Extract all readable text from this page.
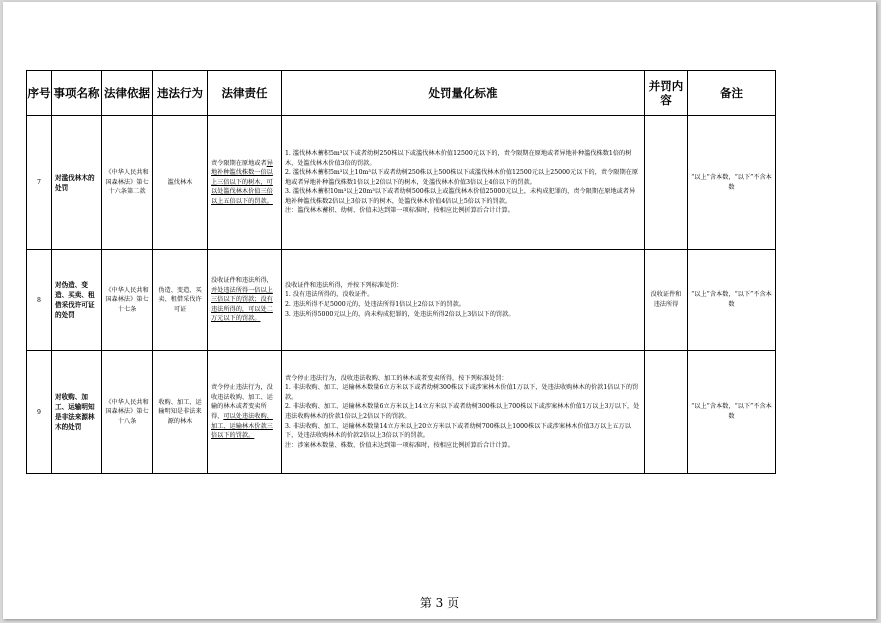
序号	事项名称	法律依据	违法行为	法律责任	处罚量化标准	并罚内容	备注
7	对滥伐林木的处罚	《中华人民共和国森林法》第七十六条第二款	滥伐林木	责令限期在原地或者异地补种滥伐株数一倍以上三倍以下的树木，可以处滥伐林木价值三倍以上五倍以下的罚款。	1. 滥伐林木蓄积5m³以下或者幼树250株以下或滥伐林木价值12500元以下的，责令限期在原地或者异地补种滥伐株数1倍的树木，处滥伐林木价值3倍的罚款。
2. 滥伐林木蓄积5m³以上10m³以下或者幼树250株以上500株以下或滥伐林木价值12500元以上25000元以下的，责令限期在原地或者异地补种滥伐株数1倍以上2倍以下的树木，处滥伐林木价值3倍以上4倍以下的罚款。
3. 滥伐林木蓄积10m³以上20m³以下或者幼树500株以上或滥伐林木价值25000元以上，未构成犯罪的，责令限期在原地或者异地补种滥伐株数2倍以上3倍以下的树木，处滥伐林木价值4倍以上5倍以下的罚款。
注：滥伐林木蓄积、幼树、价值未达到第一项标准时，按相应比例折算后合计计算。		“以上”含本数，“以下”不含本数
8	对伪造、变造、买卖、租借采伐许可证的处罚	《中华人民共和国森林法》第七十七条	伪造、变造、买卖、租借采伐许可证	没收证件和违法所得，并处违法所得一倍以上三倍以下的罚款；没有违法所得的，可以处二万元以下的罚款。	没收证件和违法所得，并按下列标准处罚：
1. 没有违法所得的，没收证件。
2. 违法所得不足5000元的，处违法所得1倍以上2倍以下的罚款。
3. 违法所得5000元以上的，尚未构成犯罪的，处违法所得2倍以上3倍以下的罚款。	没收证件和违法所得	“以上”含本数，“以下”不含本数
9	对收购、加工、运输明知是非法来源林木的处罚	《中华人民共和国森林法》第七十八条	收购、加工、运输明知是非法来源的林木	责令停止违法行为，没收违法收购、加工、运输的林木或者变卖所得，可以处违法收购、加工、运输林木价款三倍以下的罚款。	责令停止违法行为，没收违法收购、加工的林木或者变卖所得，按下列标准处罚：
1. 非法收购、加工、运输林木数量6立方米以下或者幼树300株以下或涉案林木价值1万以下，处违法收购林木的价款1倍以下的罚款。
2. 非法收购、加工、运输林木数量6立方米以上14立方米以下或者幼树300株以上700株以下或涉案林木价值1万以上3万以下，处违法收购林木的价款1倍以上2倍以下的罚款。
3. 非法收购、加工、运输林木数量14立方米以上20立方米以下或者幼树700株以上1000株以下或涉案林木价值3万以上五万以下，处违法收购林木的价款2倍以上3倍以下的罚款。
注：涉案林木数量、株数、价值未达到第一项标准时，按相应比例折算后合计计算。		“以上”含本数，“以下”不含本数
第 3 页
